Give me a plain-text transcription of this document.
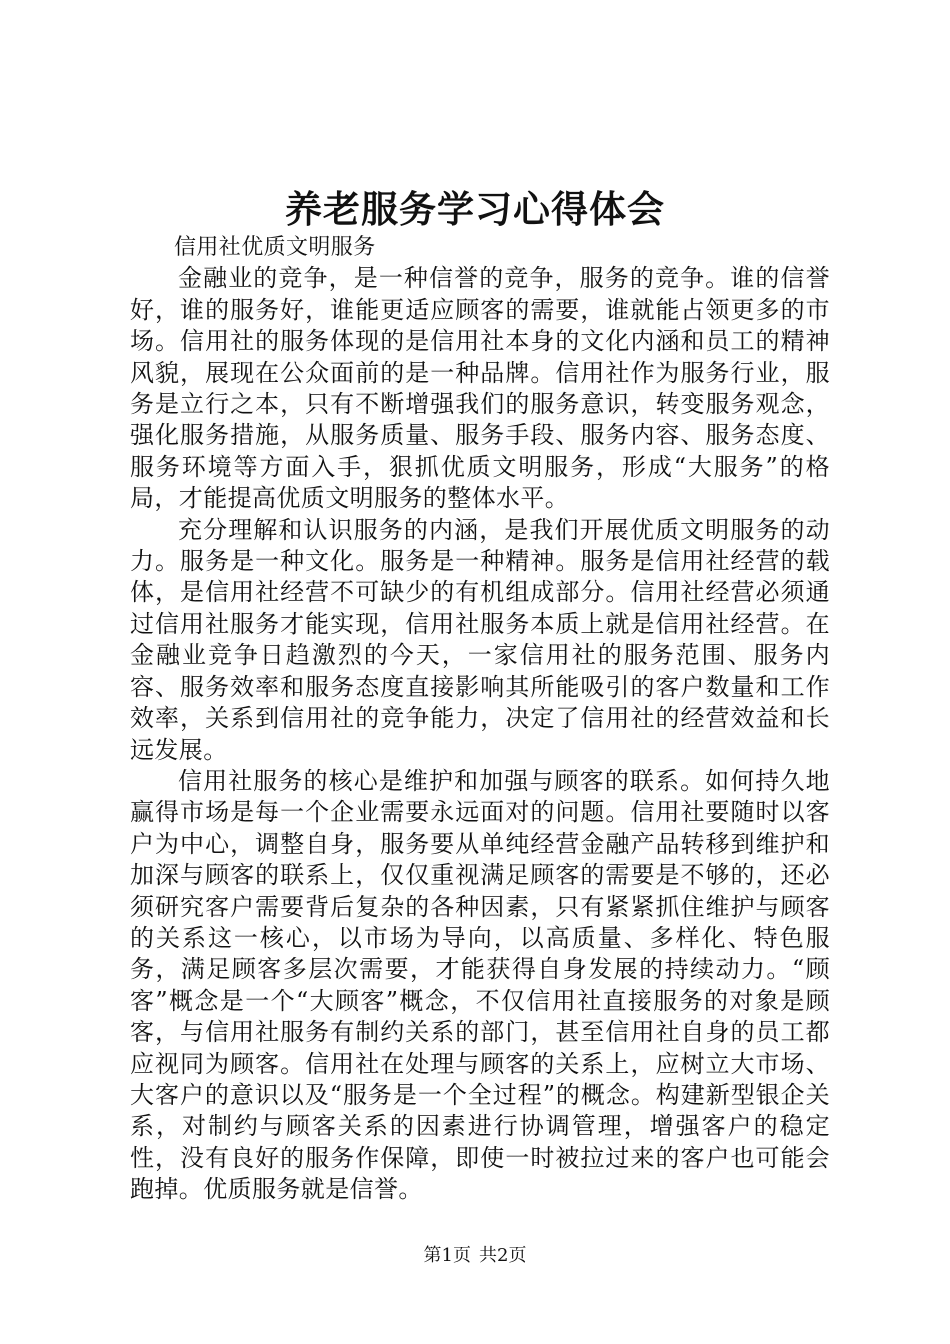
养老服务学习心得体会

信用社优质文明服务

金融业的竞争，是一种信誉的竞争，服务的竞争。谁的信誉好，谁的服务好，谁能更适应顾客的需要，谁就能占领更多的市场。信用社的服务体现的是信用社本身的文化内涵和员工的精神风貌，展现在公众面前的是一种品牌。信用社作为服务行业，服务是立行之本，只有不断增强我们的服务意识，转变服务观念，强化服务措施，从服务质量、服务手段、服务内容、服务态度、服务环境等方面入手，狠抓优质文明服务，形成“大服务”的格局，才能提高优质文明服务的整体水平。

充分理解和认识服务的内涵，是我们开展优质文明服务的动力。服务是一种文化。服务是一种精神。服务是信用社经营的载体，是信用社经营不可缺少的有机组成部分。信用社经营必须通过信用社服务才能实现，信用社服务本质上就是信用社经营。在金融业竞争日趋激烈的今天，一家信用社的服务范围、服务内容、服务效率和服务态度直接影响其所能吸引的客户数量和工作效率，关系到信用社的竞争能力，决定了信用社的经营效益和长远发展。

信用社服务的核心是维护和加强与顾客的联系。如何持久地赢得市场是每一个企业需要永远面对的问题。信用社要随时以客户为中心，调整自身，服务要从单纯经营金融产品转移到维护和加深与顾客的联系上，仅仅重视满足顾客的需要是不够的，还必须研究客户需要背后复杂的各种因素，只有紧紧抓住维护与顾客的关系这一核心，以市场为导向，以高质量、多样化、特色服务，满足顾客多层次需要，才能获得自身发展的持续动力。“顾客”概念是一个“大顾客”概念，不仅信用社直接服务的对象是顾客，与信用社服务有制约关系的部门，甚至信用社自身的员工都应视同为顾客。信用社在处理与顾客的关系上，应树立大市场、大客户的意识以及“服务是一个全过程”的概念。构建新型银企关系，对制约与顾客关系的因素进行协调管理，增强客户的稳定性，没有良好的服务作保障，即使一时被拉过来的客户也可能会跑掉。优质服务就是信誉。

第1页 共2页
